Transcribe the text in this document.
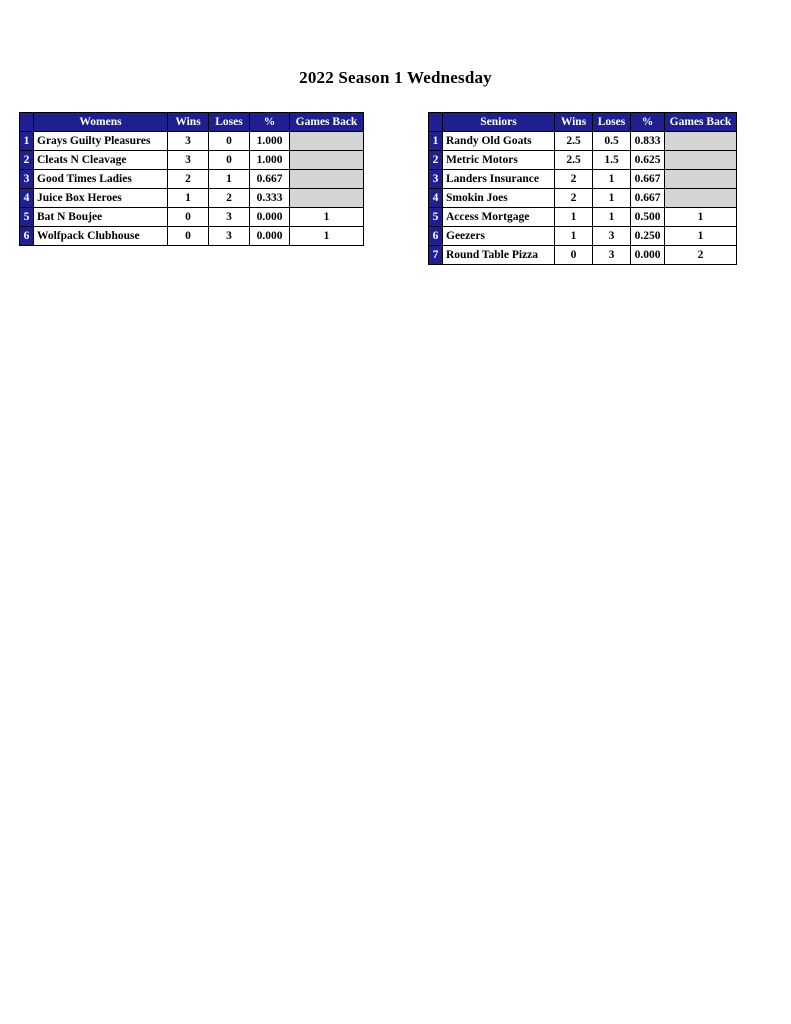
2022 Season 1 Wednesday
	Womens	Wins	Loses	%	Games Back
1	Grays Guilty Pleasures	3	0	1.000	
2	Cleats N Cleavage	3	0	1.000	
3	Good Times Ladies	2	1	0.667	
4	Juice Box Heroes	1	2	0.333	
5	Bat N Boujee	0	3	0.000	1
6	Wolfpack Clubhouse	0	3	0.000	1
	Seniors	Wins	Loses	%	Games Back
1	Randy Old Goats	2.5	0.5	0.833	
2	Metric Motors	2.5	1.5	0.625	
3	Landers Insurance	2	1	0.667	
4	Smokin Joes	2	1	0.667	
5	Access Mortgage	1	1	0.500	1
6	Geezers	1	3	0.250	1
7	Round Table Pizza	0	3	0.000	2
